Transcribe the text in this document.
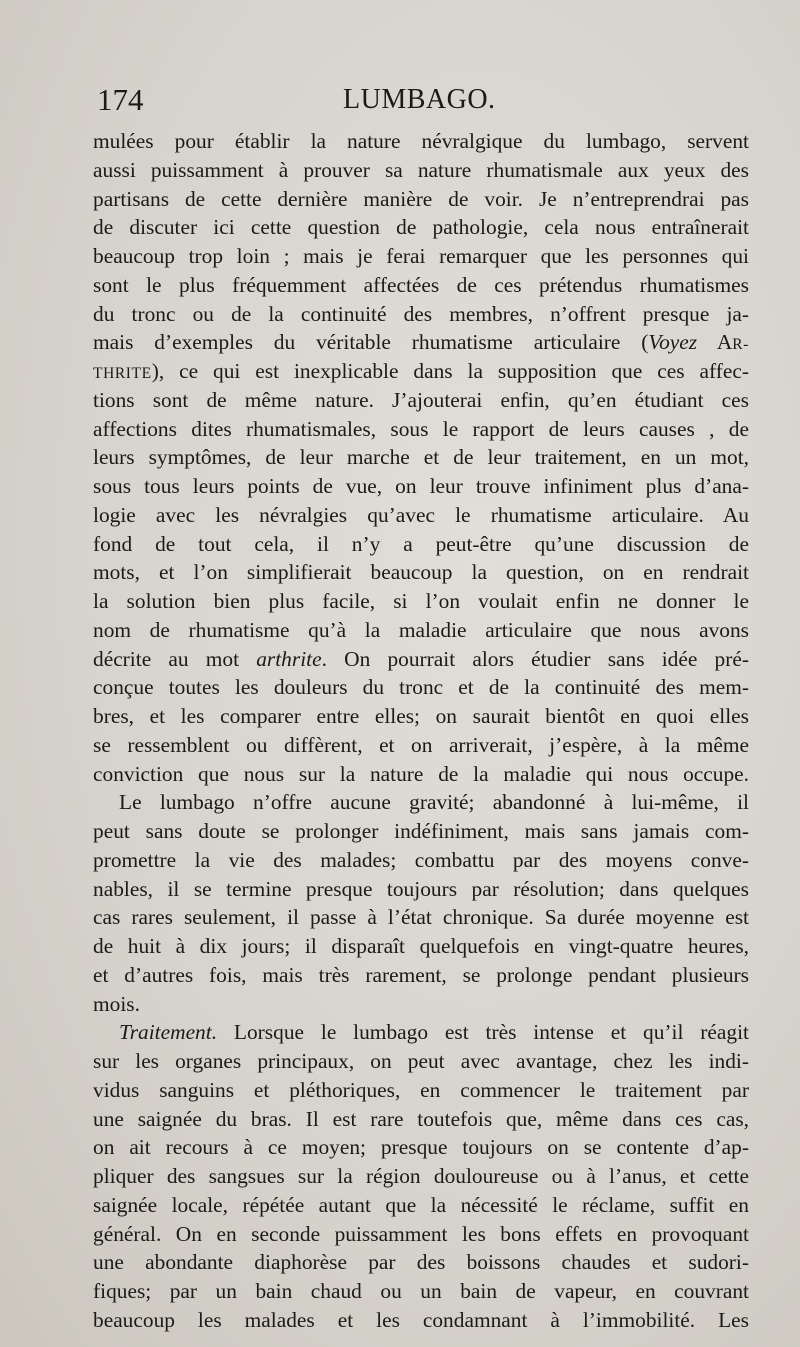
174	LUMBAGO.
mulées pour établir la nature névralgique du lumbago, servent
aussi puissamment à prouver sa nature rhumatismale aux yeux des
partisans de cette dernière manière de voir. Je n’entreprendrai pas
de discuter ici cette question de pathologie, cela nous entraînerait
beaucoup trop loin ; mais je ferai remarquer que les personnes qui
sont le plus fréquemment affectées de ces prétendus rhumatismes
du tronc ou de la continuité des membres, n’offrent presque ja-
mais d’exemples du véritable rhumatisme articulaire (Voyez AR-
THRITE), ce qui est inexplicable dans la supposition que ces affec-
tions sont de même nature. J’ajouterai enfin, qu’en étudiant ces
affections dites rhumatismales, sous le rapport de leurs causes , de
leurs symptômes, de leur marche et de leur traitement, en un mot,
sous tous leurs points de vue, on leur trouve infiniment plus d’ana-
logie avec les névralgies qu’avec le rhumatisme articulaire. Au
fond de tout cela, il n’y a peut-être qu’une discussion de
mots, et l’on simplifierait beaucoup la question, on en rendrait
la solution bien plus facile, si l’on voulait enfin ne donner le
nom de rhumatisme qu’à la maladie articulaire que nous avons
décrite au mot arthrite. On pourrait alors étudier sans idée pré-
conçue toutes les douleurs du tronc et de la continuité des mem-
bres, et les comparer entre elles; on saurait bientôt en quoi elles
se ressemblent ou diffèrent, et on arriverait, j’espère, à la même
conviction que nous sur la nature de la maladie qui nous occupe.
Le lumbago n’offre aucune gravité; abandonné à lui-même, il
peut sans doute se prolonger indéfiniment, mais sans jamais com-
promettre la vie des malades; combattu par des moyens conve-
nables, il se termine presque toujours par résolution; dans quelques
cas rares seulement, il passe à l’état chronique. Sa durée moyenne est
de huit à dix jours; il disparaît quelquefois en vingt-quatre heures,
et d’autres fois, mais très rarement, se prolonge pendant plusieurs
mois.
Traitement. Lorsque le lumbago est très intense et qu’il réagit
sur les organes principaux, on peut avec avantage, chez les indi-
vidus sanguins et pléthoriques, en commencer le traitement par
une saignée du bras. Il est rare toutefois que, même dans ces cas,
on ait recours à ce moyen; presque toujours on se contente d’ap-
pliquer des sangsues sur la région douloureuse ou à l’anus, et cette
saignée locale, répétée autant que la nécessité le réclame, suffit en
général. On en seconde puissamment les bons effets en provoquant
une abondante diaphorèse par des boissons chaudes et sudori-
fiques; par un bain chaud ou un bain de vapeur, en couvrant
beaucoup les malades et les condamnant à l’immobilité. Les
